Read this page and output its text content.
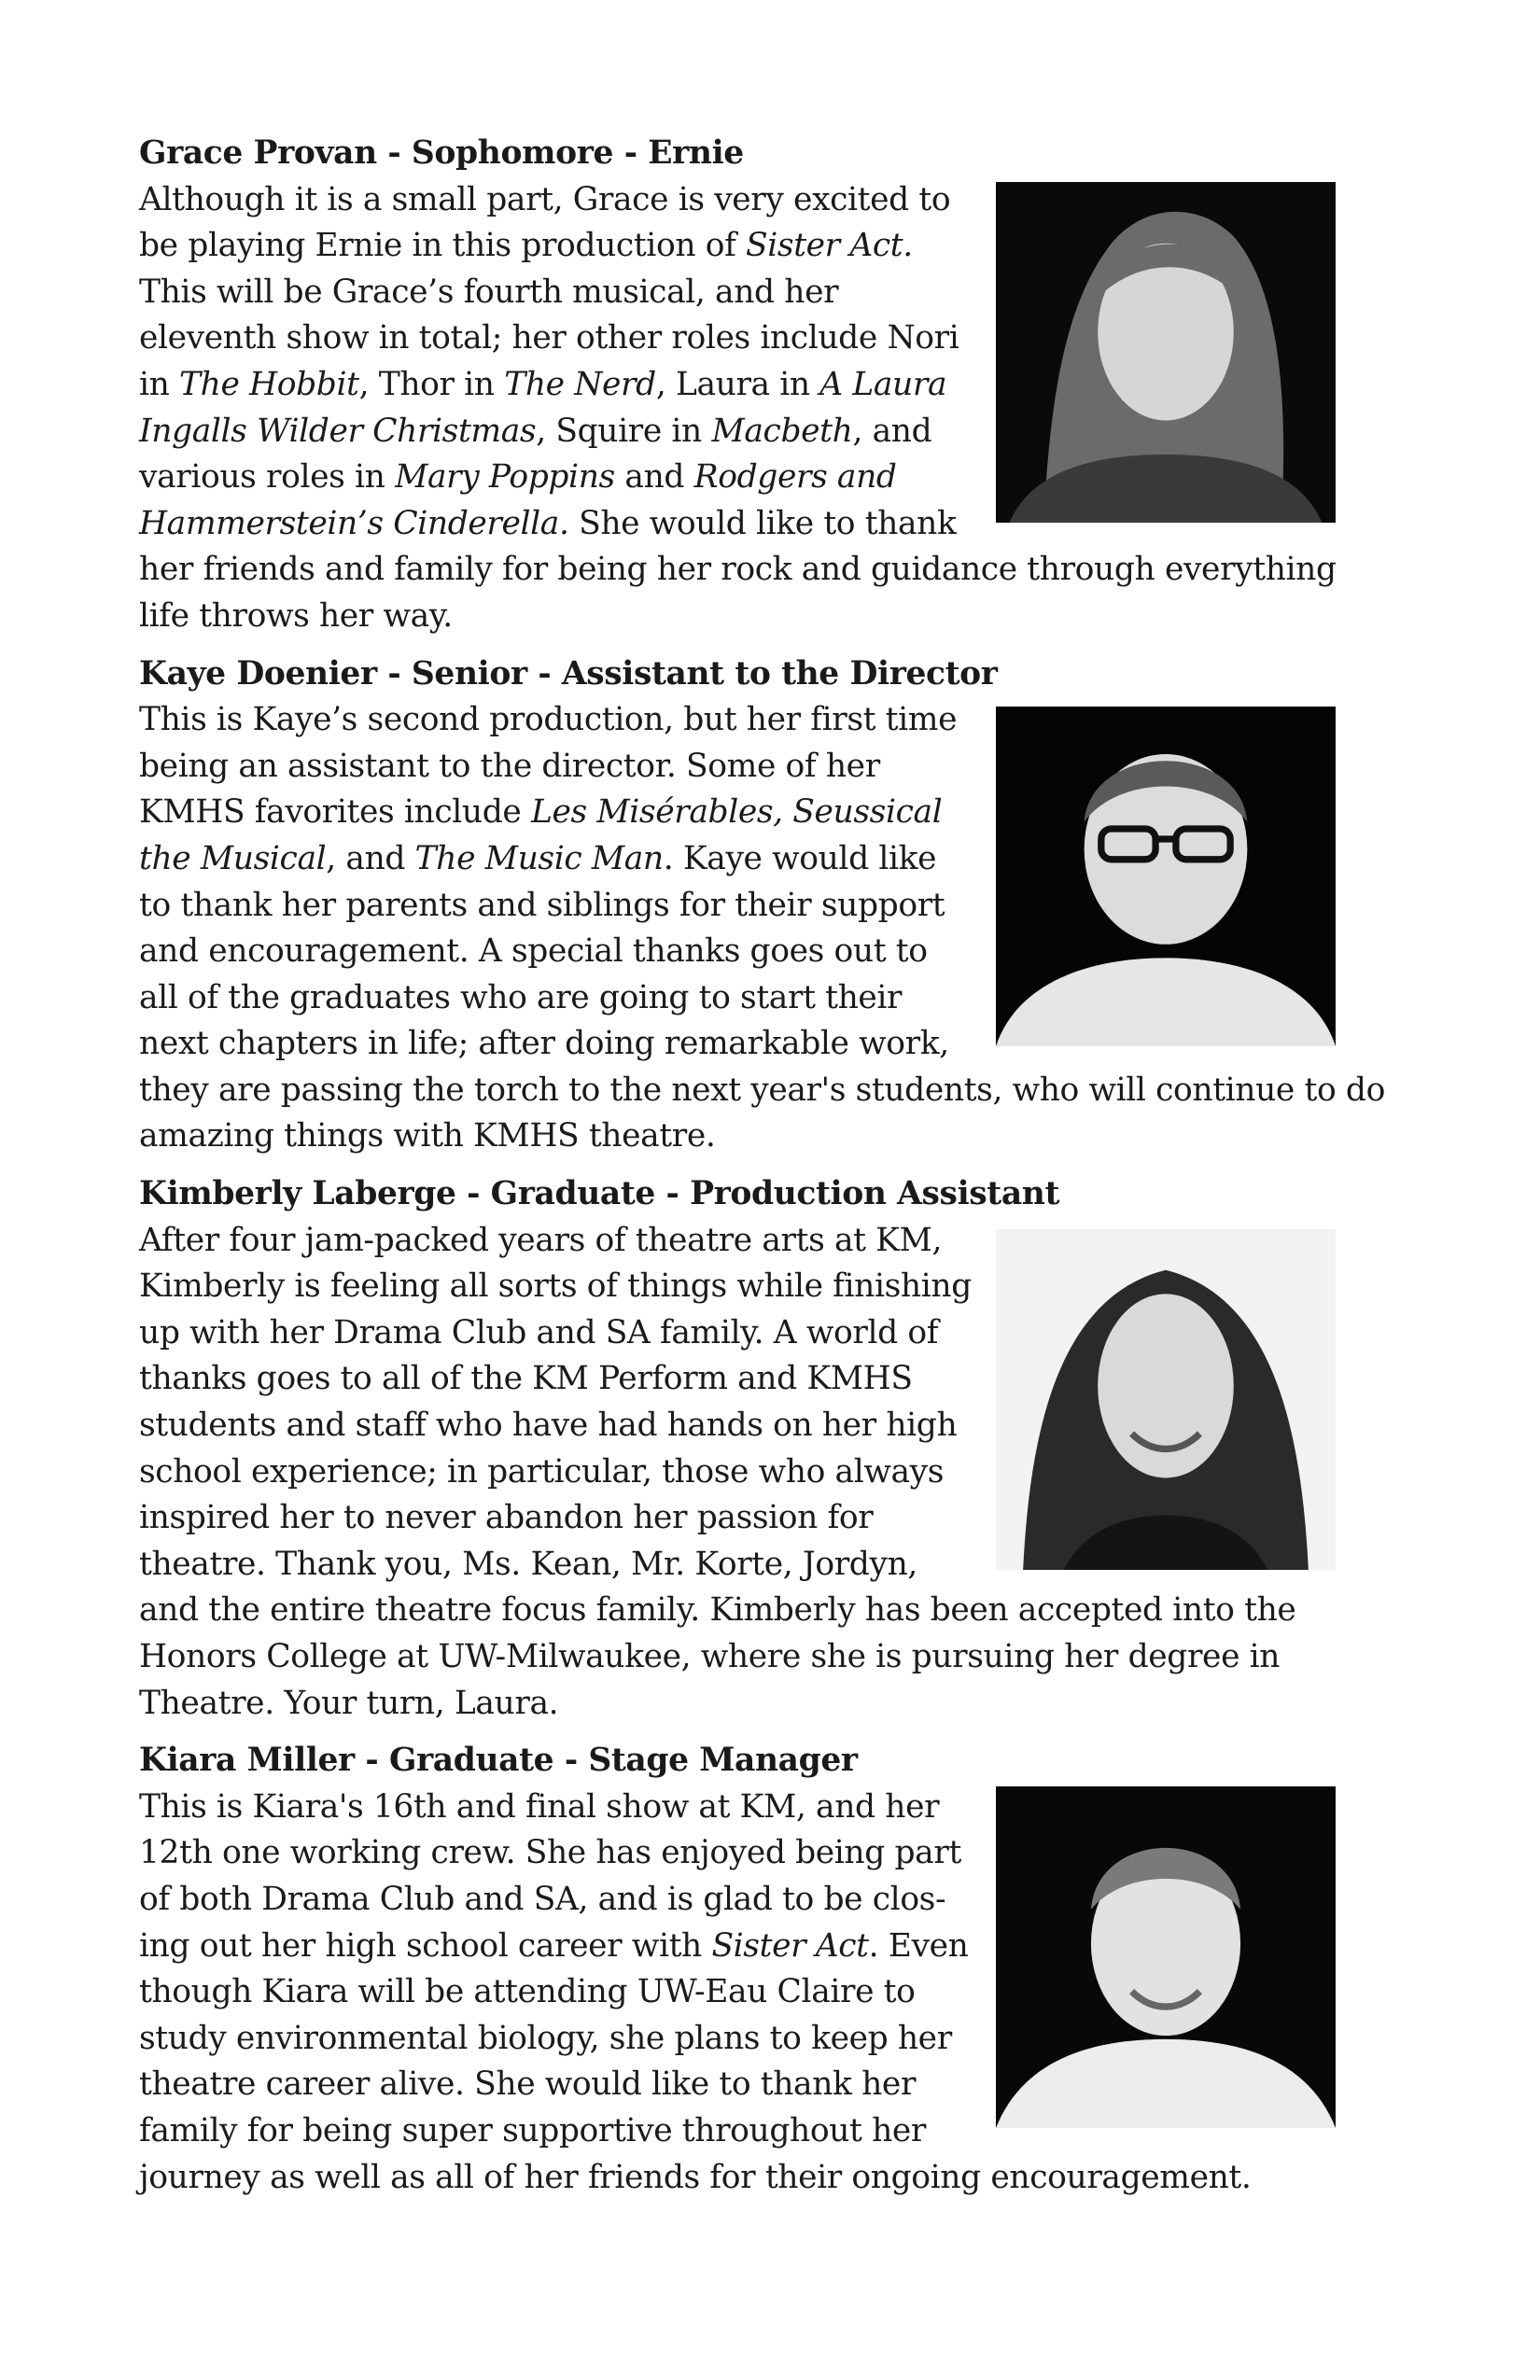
Grace Provan - Sophomore - Ernie
Although it is a small part, Grace is very excited to be playing Ernie in this production of Sister Act. This will be Grace’s fourth musical, and her eleventh show in total; her other roles include Nori in The Hobbit, Thor in The Nerd, Laura in A Laura Ingalls Wilder Christmas, Squire in Macbeth, and various roles in Mary Poppins and Rodgers and Hammerstein’s Cinderella. She would like to thank her friends and family for being her rock and guidance through everything life throws her way.
Kaye Doenier - Senior - Assistant to the Director
This is Kaye’s second production, but her first time being an assistant to the director. Some of her KMHS favorites include Les Misérables, Seussical the Musical, and The Music Man. Kaye would like to thank her parents and siblings for their support and encouragement. A special thanks goes out to all of the graduates who are going to start their next chapters in life; after doing remarkable work, they are passing the torch to the next year's students, who will continue to do amazing things with KMHS theatre.
Kimberly Laberge - Graduate - Production Assistant
After four jam-packed years of theatre arts at KM, Kimberly is feeling all sorts of things while finishing up with her Drama Club and SA family. A world of thanks goes to all of the KM Perform and KMHS students and staff who have had hands on her high school experience; in particular, those who always inspired her to never abandon her passion for theatre. Thank you, Ms. Kean, Mr. Korte, Jordyn, and the entire theatre focus family. Kimberly has been accepted into the Honors College at UW-Milwaukee, where she is pursuing her degree in Theatre. Your turn, Laura.
Kiara Miller - Graduate - Stage Manager
This is Kiara's 16th and final show at KM, and her 12th one working crew. She has enjoyed being part of both Drama Club and SA, and is glad to be closing out her high school career with Sister Act. Even though Kiara will be attending UW-Eau Claire to study environmental biology, she plans to keep her theatre career alive. She would like to thank her family for being super supportive throughout her journey as well as all of her friends for their ongoing encouragement.
